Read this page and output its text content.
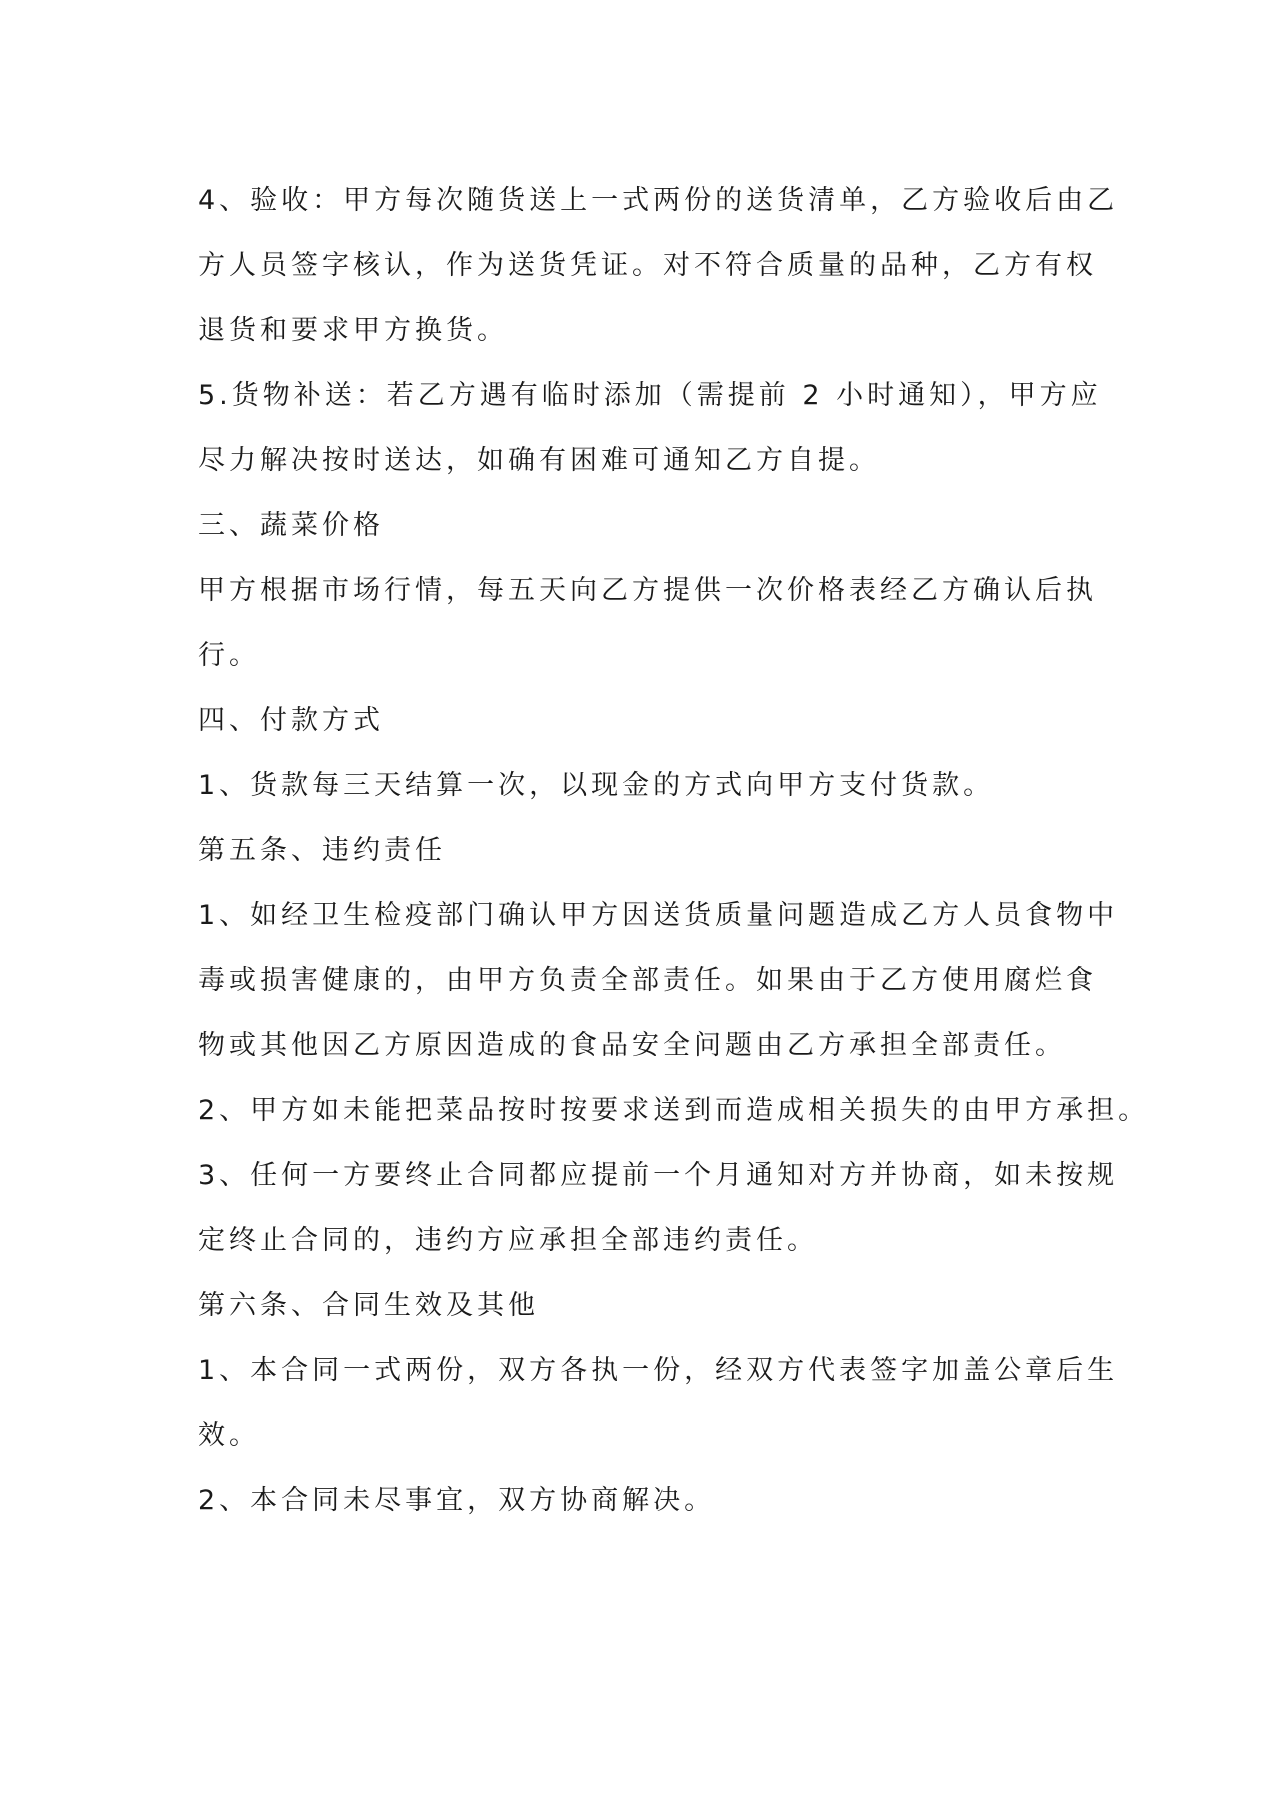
4、验收：甲方每次随货送上一式两份的送货清单，乙方验收后由乙
方人员签字核认，作为送货凭证。对不符合质量的品种，乙方有权
退货和要求甲方换货。
5.货物补送：若乙方遇有临时添加（需提前 2 小时通知），甲方应
尽力解决按时送达，如确有困难可通知乙方自提。
三、蔬菜价格
甲方根据市场行情，每五天向乙方提供一次价格表经乙方确认后执
行。
四、付款方式
1、货款每三天结算一次，以现金的方式向甲方支付货款。
第五条、违约责任
1、如经卫生检疫部门确认甲方因送货质量问题造成乙方人员食物中
毒或损害健康的，由甲方负责全部责任。如果由于乙方使用腐烂食
物或其他因乙方原因造成的食品安全问题由乙方承担全部责任。
2、甲方如未能把菜品按时按要求送到而造成相关损失的由甲方承担。
3、任何一方要终止合同都应提前一个月通知对方并协商，如未按规
定终止合同的，违约方应承担全部违约责任。
第六条、合同生效及其他
1、本合同一式两份，双方各执一份，经双方代表签字加盖公章后生
效。
2、本合同未尽事宜，双方协商解决。
